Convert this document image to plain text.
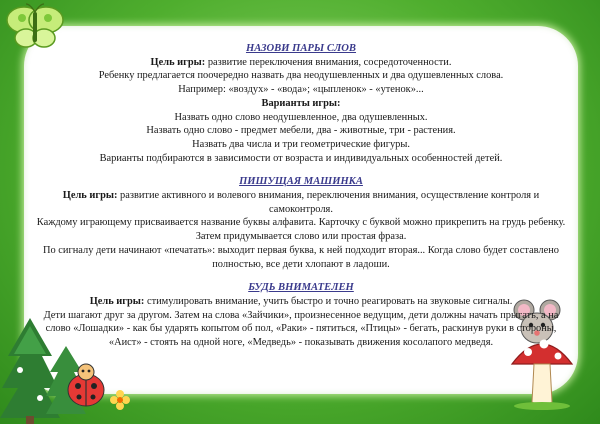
НАЗОВИ ПАРЫ СЛОВ

Цель игры: развитие переключения внимания, сосредоточенности.

Ребенку предлагается поочередно назвать два неодушевленных и два одушевленных слова.

Например: «воздух» - «вода»; «цыпленок» - «утенок»...

Варианты игры:

Назвать одно слово неодушевленное, два одушевленных.

Назвать одно слово - предмет мебели, два - животные, три - растения.

Назвать два числа и три геометрические фигуры.

Варианты подбираются в зависимости от возраста и индивидуальных особенностей детей.

ПИШУЩАЯ МАШИНКА

Цель игры: развитие активного и волевого внимания, переключения внимания, осуществление контроля и самоконтроля.

Каждому играющему присваивается название буквы алфавита. Карточку с буквой можно прикрепить на грудь ребенку.

Затем придумывается слово или простая фраза.

По сигналу дети начинают «печатать»: выходит первая буква, к ней подходит вторая... Когда слово будет составлено полностью, все дети хлопают в ладоши.

БУДЬ ВНИМАТЕЛЕН

Цель игры: стимулировать внимание, учить быстро и точно реагировать на звуковые сигналы.

Дети шагают друг за другом. Затем на слова «Зайчики», произнесенное ведущим, дети должны начать прыгать, а на слово «Лошадки» - как бы ударять копытом об пол, «Раки» - пятиться, «Птицы» - бегать, раскинув руки в стороны, «Аист» - стоять на одной ноге, «Медведь» - показывать движения косолапого медведя.
